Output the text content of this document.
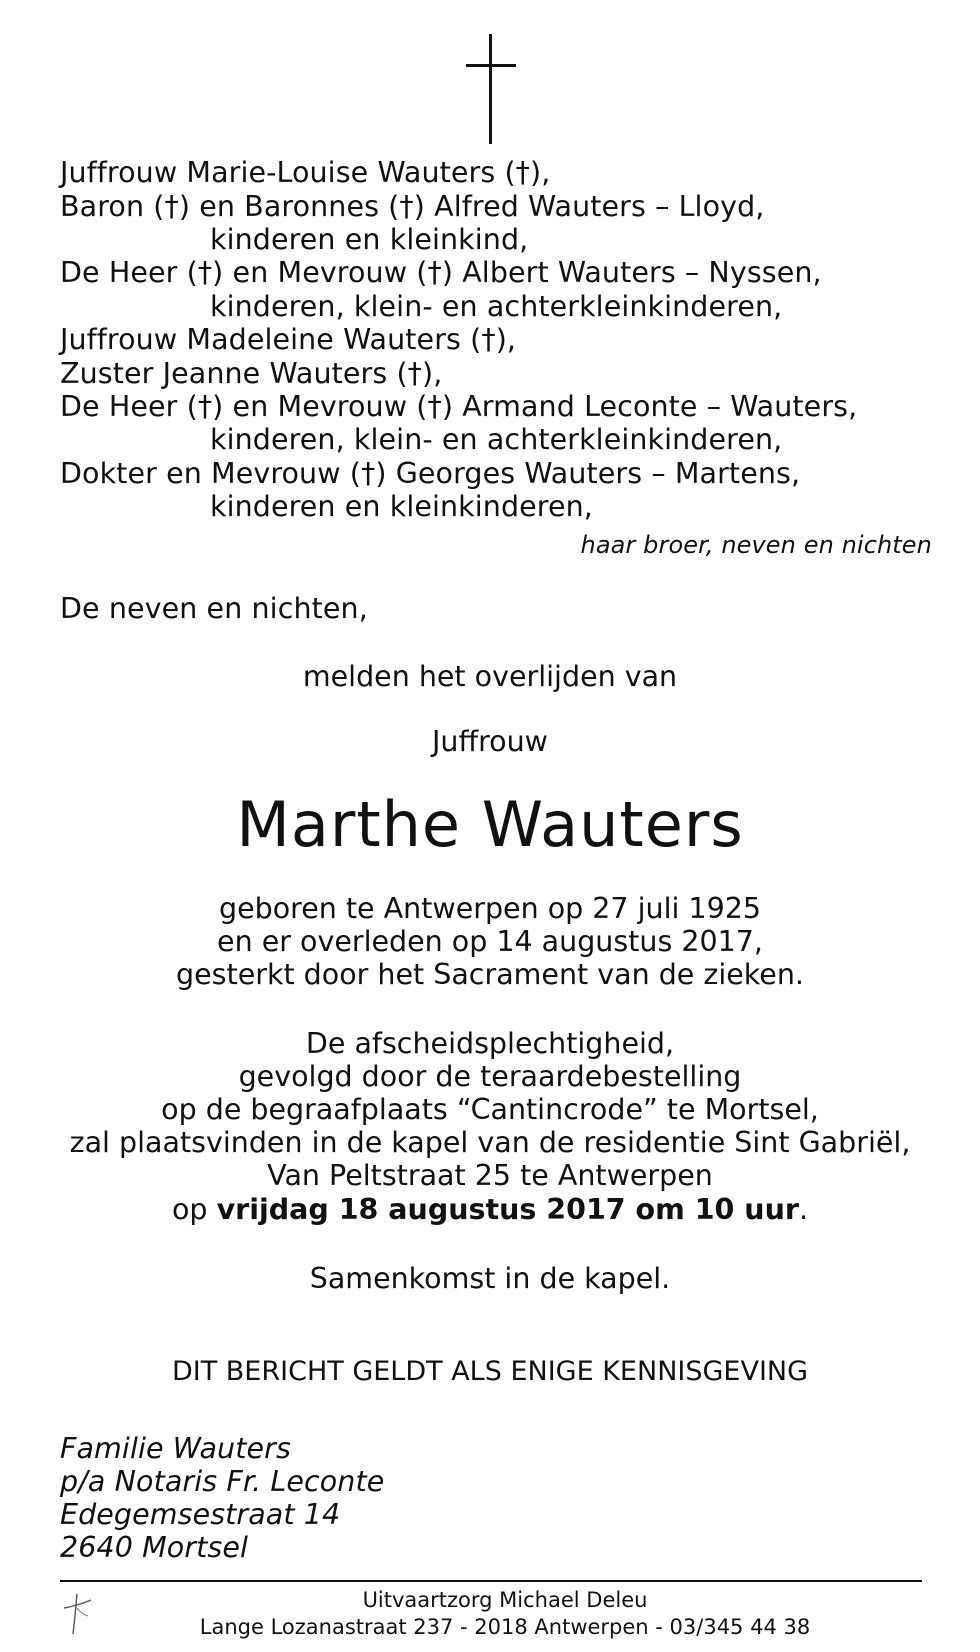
Juffrouw Marie-Louise Wauters (†),
Baron (†) en Baronnes (†) Alfred Wauters – Lloyd,
kinderen en kleinkind,
De Heer (†) en Mevrouw (†) Albert Wauters – Nyssen,
kinderen, klein- en achterkleinkinderen,
Juffrouw Madeleine Wauters (†),
Zuster Jeanne Wauters (†),
De Heer (†) en Mevrouw (†) Armand Leconte – Wauters,
kinderen, klein- en achterkleinkinderen,
Dokter en Mevrouw (†) Georges Wauters – Martens,
kinderen en kleinkinderen,
haar broer, neven en nichten
De neven en nichten,
melden het overlijden van
Juffrouw
Marthe Wauters
geboren te Antwerpen op 27 juli 1925
en er overleden op 14 augustus 2017,
gesterkt door het Sacrament van de zieken.
De afscheidsplechtigheid,
gevolgd door de teraardebestelling
op de begraafplaats “Cantincrode” te Mortsel,
zal plaatsvinden in de kapel van de residentie Sint Gabriël,
Van Peltstraat 25 te Antwerpen
op vrijdag 18 augustus 2017 om 10 uur.
Samenkomst in de kapel.
DIT BERICHT GELDT ALS ENIGE KENNISGEVING
Familie Wauters
p/a Notaris Fr. Leconte
Edegemsestraat 14
2640 Mortsel
Uitvaartzorg Michael Deleu
Lange Lozanastraat 237 - 2018 Antwerpen - 03/345 44 38
